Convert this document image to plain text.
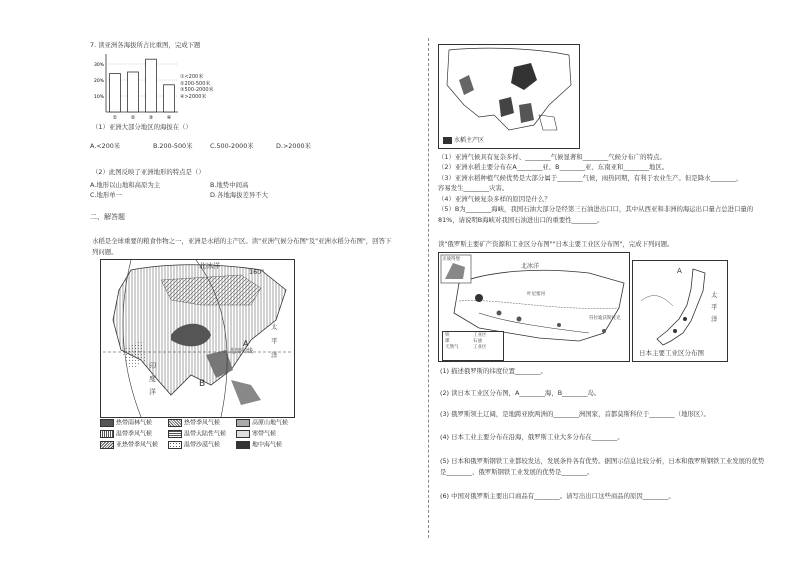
7. 读亚洲各海拔所占比重图，完成下题
30%
20%
10%
①	②	③	④
①<200米
②200-500米
③500-2000米
④>2000米
（1）亚洲大部分地区的海拔在（）
A.<200米	B.200-500米	C.500-2000米	D.>2000米
（2）此图反映了亚洲地形的特点是（）
A.地形以山地和高原为主	B.地势中间高
C.地形单一	D.各地海拔差异不大
二、解答题
水稻是全球重要的粮食作物之一，亚洲是水稻的主产区。读"亚洲气候分布图"及"亚洲水稻分布图"，回答下
列问题。
北冰洋
160°
太平洋
北回归线
印度洋
A
B
热带雨林气候	热带季风气候	高原山地气候
温带季风气候	温带大陆性气候	寒带气候
亚热带季风气候	温带沙漠气候	地中海气候
水稻主产区
（1）亚洲气候具有复杂多样、________气候显著和________气候分布广的特点。
（2）亚洲水稻主要分布在A________亚、B________亚、东南亚和________地区。
（3）亚洲水稻种植气候优势是大部分属于________气候，雨热同期，有利于农业生产。但是降水________，
容易发生________灾害。
（4）亚洲气候复杂多样的原因是什么？
（5）B为________海峡，我国石油大部分是经第三石油进出口口，其中从西亚和非洲的海运出口量占总进口量的
81%，请说明B海峡对我国石油进出口的重要性________。
读"俄罗斯主要矿产资源和工业区分布图""日本主要工业区分布图"，完成下列问题。
圣彼得堡
北冰洋
叶尼塞河
符拉迪沃斯托克
铁
煤
天然气
工业区
石油
工业区
A
太
平
洋
日本主要工业区分布图
(1) 描述俄罗斯的纬度位置________。
(2) 读日本工业区分布图，A________海，B________岛。
(3) 俄罗斯领土辽阔，是地跨亚欧两洲的________洲国家，首都莫斯科位于________（地形区）。
(4) 日本工业主要分布在沿海，俄罗斯工业大多分布在________。
(5) 日本和俄罗斯钢铁工业都较发达，发展条件各有优势。据图示信息比较分析，日本和俄罗斯钢铁工业发展的优势
是________、俄罗斯钢铁工业发展的优势是________。
(6) 中国对俄罗斯主要出口商品有________。请写出出口这些商品的原因________。
